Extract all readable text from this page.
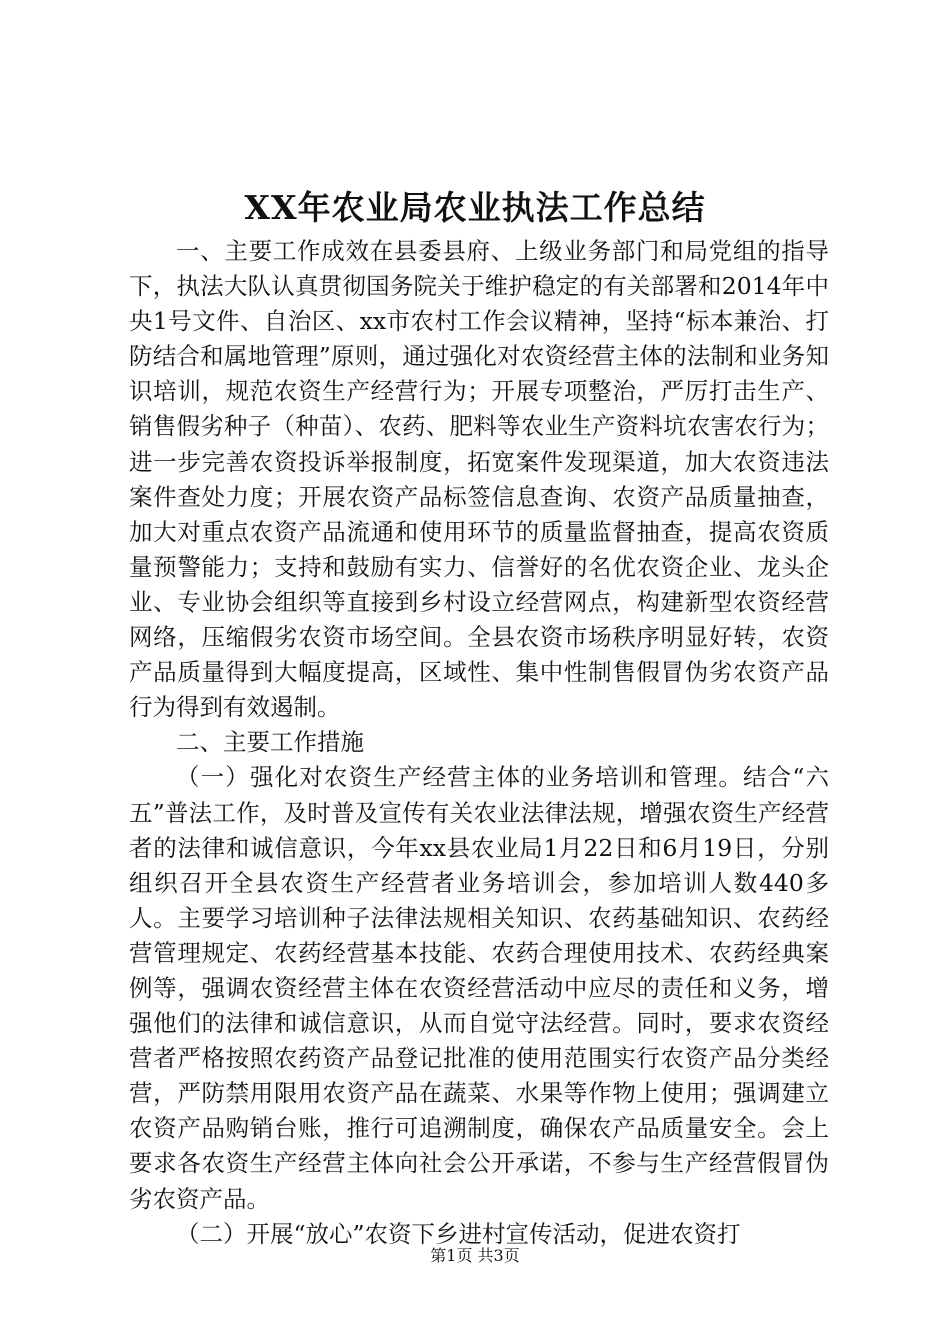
XX年农业局农业执法工作总结

一、主要工作成效在县委县府、上级业务部门和局党组的指导下，执法大队认真贯彻国务院关于维护稳定的有关部署和2014年中央1号文件、自治区、xx市农村工作会议精神，坚持“标本兼治、打防结合和属地管理”原则，通过强化对农资经营主体的法制和业务知识培训，规范农资生产经营行为；开展专项整治，严厉打击生产、销售假劣种子（种苗）、农药、肥料等农业生产资料坑农害农行为；进一步完善农资投诉举报制度，拓宽案件发现渠道，加大农资违法案件查处力度；开展农资产品标签信息查询、农资产品质量抽查，加大对重点农资产品流通和使用环节的质量监督抽查，提高农资质量预警能力；支持和鼓励有实力、信誉好的名优农资企业、龙头企业、专业协会组织等直接到乡村设立经营网点，构建新型农资经营网络，压缩假劣农资市场空间。全县农资市场秩序明显好转，农资产品质量得到大幅度提高，区域性、集中性制售假冒伪劣农资产品行为得到有效遏制。

二、主要工作措施

（一）强化对农资生产经营主体的业务培训和管理。结合“六五”普法工作，及时普及宣传有关农业法律法规，增强农资生产经营者的法律和诚信意识，今年xx县农业局1月22日和6月19日，分别组织召开全县农资生产经营者业务培训会，参加培训人数440多人。主要学习培训种子法律法规相关知识、农药基础知识、农药经营管理规定、农药经营基本技能、农药合理使用技术、农药经典案例等，强调农资经营主体在农资经营活动中应尽的责任和义务，增强他们的法律和诚信意识，从而自觉守法经营。同时，要求农资经营者严格按照农药资产品登记批准的使用范围实行农资产品分类经营，严防禁用限用农资产品在蔬菜、水果等作物上使用；强调建立农资产品购销台账，推行可追溯制度，确保农产品质量安全。会上要求各农资生产经营主体向社会公开承诺，不参与生产经营假冒伪劣农资产品。

（二）开展“放心”农资下乡进村宣传活动，促进农资打

第1页 共3页
